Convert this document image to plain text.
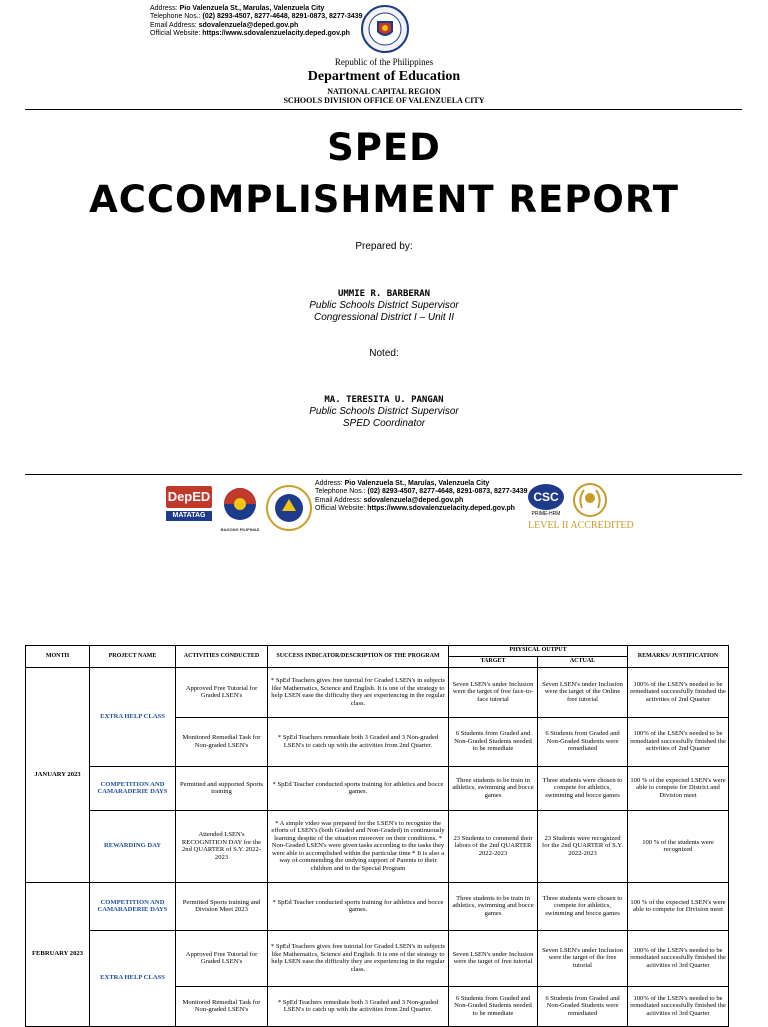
Address: Pio Valenzuela St., Marulas, Valenzuela City
Telephone Nos.: (02) 8293-4507, 8277-4648, 8291-0873, 8277-3439
Email Address: sdovalenzuela@deped.gov.ph
Official Website: https://www.sdovalenzuelacity.deped.gov.ph
Republic of the Philippines
Department of Education
NATIONAL CAPITAL REGION
SCHOOLS DIVISION OFFICE OF VALENZUELA CITY
SPED
ACCOMPLISHMENT REPORT
Prepared by:
UMMIE R. BARBERAN
Public Schools District Supervisor
Congressional District I – Unit II
Noted:
MA. TERESITA U. PANGAN
Public Schools District Supervisor
SPED Coordinator
DepED
MATATAG
BAGONG PILIPINAS
Address: Pio Valenzuela St., Marulas, Valenzuela City
Telephone Nos.: (02) 8293-4507, 8277-4648, 8291-0873, 8277-3439
Email Address: sdovalenzuela@deped.gov.ph
Official Website: https://www.sdovalenzuelacity.deped.gov.ph
CSC
PRIME-HRM
LEVEL II ACCREDITED
MONTH	PROJECT NAME	ACTIVITIES CONDUCTED	SUCCESS INDICATOR/DESCRIPTION OF THE PROGRAM	PHYSICAL OUTPUT		REMARKS/ JUSTIFICATION
				TARGET	ACTUAL	
JANUARY 2023	EXTRA HELP CLASS	Approved Free Tutorial for Graded LSEN's	* SpEd Teachers gives free tutorial for Graded LSEN's in subjects like Mathematics, Science and English. It is one of the strategy to help LSEN ease the difficulty they are experiencing in the regular class.	Seven LSEN's under Inclusion were the target of free face-to-face tutorial	Seven LSEN's under Inclusion were the target of the Online free tutorial	100% of the LSEN's needed to be remediated successfully finished the activities of 2nd Quarter
		Monitored Remedial Task for Non-graded LSEN's	* SpEd Teachers remediate both 3 Graded and 3 Non-graded LSEN's to catch up with the activities from 2nd Quarter.	6 Students from Graded and Non-Graded Students needed to be remediate	6 Students from Graded and Non-Graded Students were remediated	100% of the LSEN's needed to be remediated successfully finished the activities of 2nd Quarter
	COMPETITION AND CAMARADERIE DAYS	Permitted and supported Sports training	* SpEd Teacher conducted sports training for athletics and bocce games.	Three students to be train in athletics, swimming and bocce games	Three students were chosen to compete for athletics, swimming and bocce games	100 % of the expected LSEN's were able to compete for District and Division meet
	REWARDING DAY	Attended LSEN's RECOGNITION DAY for the 2nd QUARTER of S.Y. 2022-2023	* A simple video was prepared for the LSEN's to recognize the efforts of LSEN's (both Graded and Non-Graded) in continuously learning despite of the situation moreover on their conditions. * Non-Graded LSEN's were given tasks according to the tasks they were able to accomplished within the particular time * It is also a way of commending the undying support of Parents to their children and to the Special Program	23 Students to commend their labors of the 2nd QUARTER 2022-2023	23 Students were recognized for the 2nd QUARTER of S.Y. 2022-2023	100 % of the students were recognized
FEBRUARY 2023	COMPETITION AND CAMARADERIE DAYS	Permitted Sports training and Division Meet 2023	* SpEd Teacher conducted sports training for athletics and bocce games.	Three students to be train in athletics, swimming and bocce games	Three students were chosen to compete for athletics, swimming and bocce games	100 % of the expected LSEN's were able to compete for Division meet
	EXTRA HELP CLASS	Approved Free Tutorial for Graded LSEN's	* SpEd Teachers gives free tutorial for Graded LSEN's in subjects like Mathematics, Science and English. It is one of the strategy to help LSEN ease the difficulty they are experiencing in the regular class.	Seven LSEN's under Inclusion were the target of free tutorial	Seven LSEN's under Inclusion were the target of the free tutorial	100% of the LSEN's needed to be remediated successfully finished the activities of 3rd Quarter
		Monitored Remedial Task for Non-graded LSEN's	* SpEd Teachers remediate both 3 Graded and 3 Non-graded LSEN's to catch up with the activities from 2nd Quarter.	6 Students from Graded and Non-Graded Students needed to be remediate	6 Students from Graded and Non-Graded Students were remediated	100% of the LSEN's needed to be remediated successfully finished the activities of 3rd Quarter
